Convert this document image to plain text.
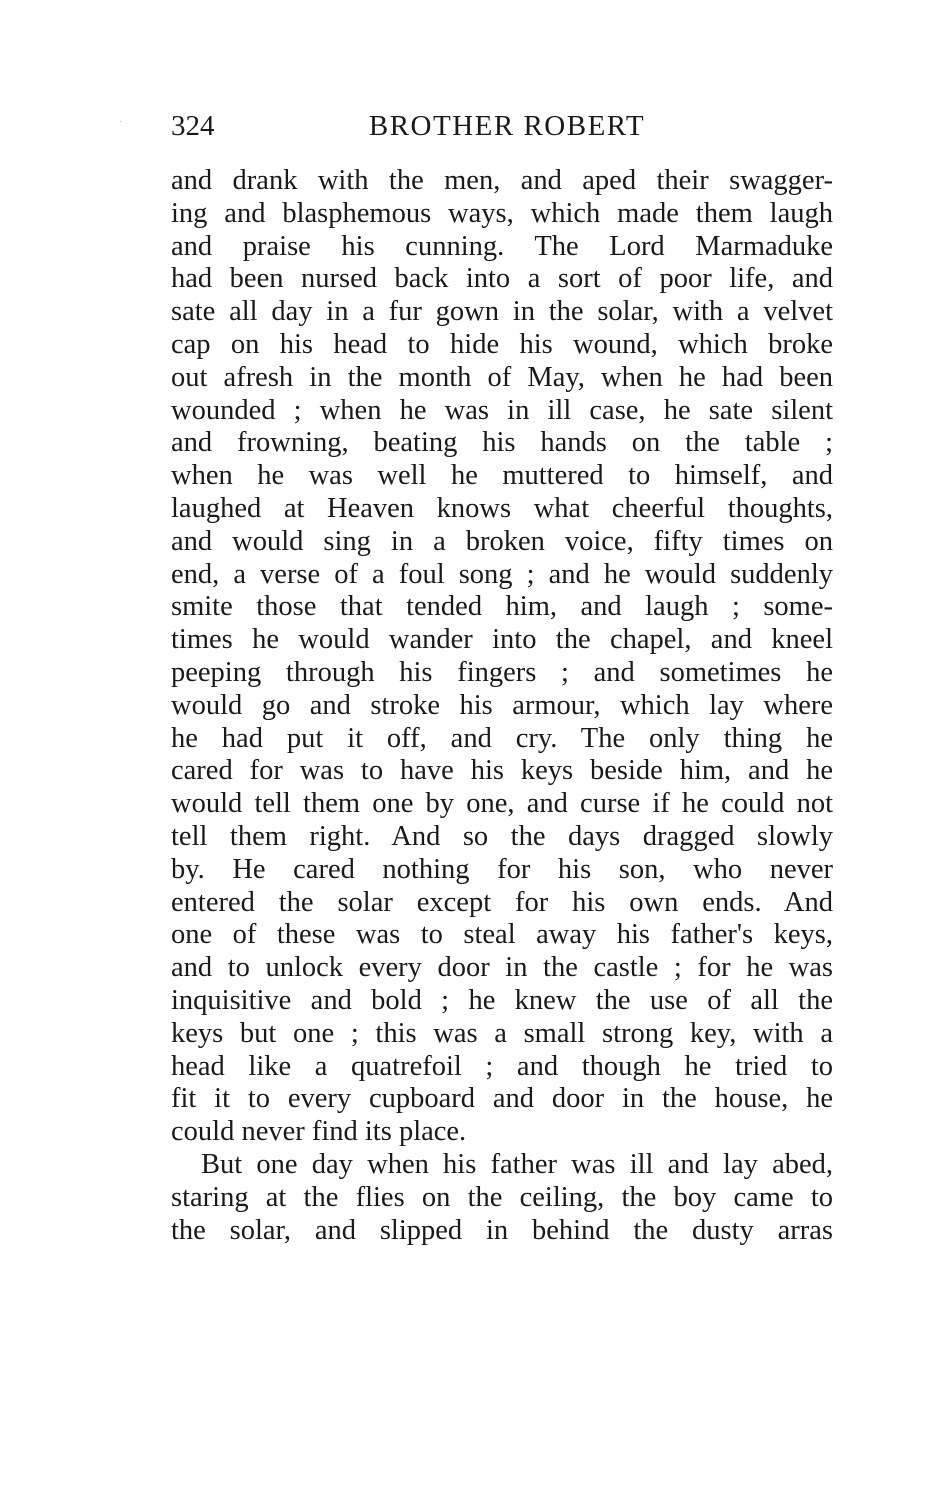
324	BROTHER ROBERT
and drank with the men, and aped their swagger-
ing and blasphemous ways, which made them laugh
and praise his cunning. The Lord Marmaduke
had been nursed back into a sort of poor life, and
sate all day in a fur gown in the solar, with a velvet
cap on his head to hide his wound, which broke
out afresh in the month of May, when he had been
wounded ; when he was in ill case, he sate silent
and frowning, beating his hands on the table ;
when he was well he muttered to himself, and
laughed at Heaven knows what cheerful thoughts,
and would sing in a broken voice, fifty times on
end, a verse of a foul song ; and he would suddenly
smite those that tended him, and laugh ; some-
times he would wander into the chapel, and kneel
peeping through his fingers ; and sometimes he
would go and stroke his armour, which lay where
he had put it off, and cry. The only thing he
cared for was to have his keys beside him, and he
would tell them one by one, and curse if he could not
tell them right. And so the days dragged slowly
by. He cared nothing for his son, who never
entered the solar except for his own ends. And
one of these was to steal away his father's keys,
and to unlock every door in the castle ; for he was
inquisitive and bold ; he knew the use of all the
keys but one ; this was a small strong key, with a
head like a quatrefoil ; and though he tried to
fit it to every cupboard and door in the house, he
could never find its place.
But one day when his father was ill and lay abed,
staring at the flies on the ceiling, the boy came to
the solar, and slipped in behind the dusty arras
